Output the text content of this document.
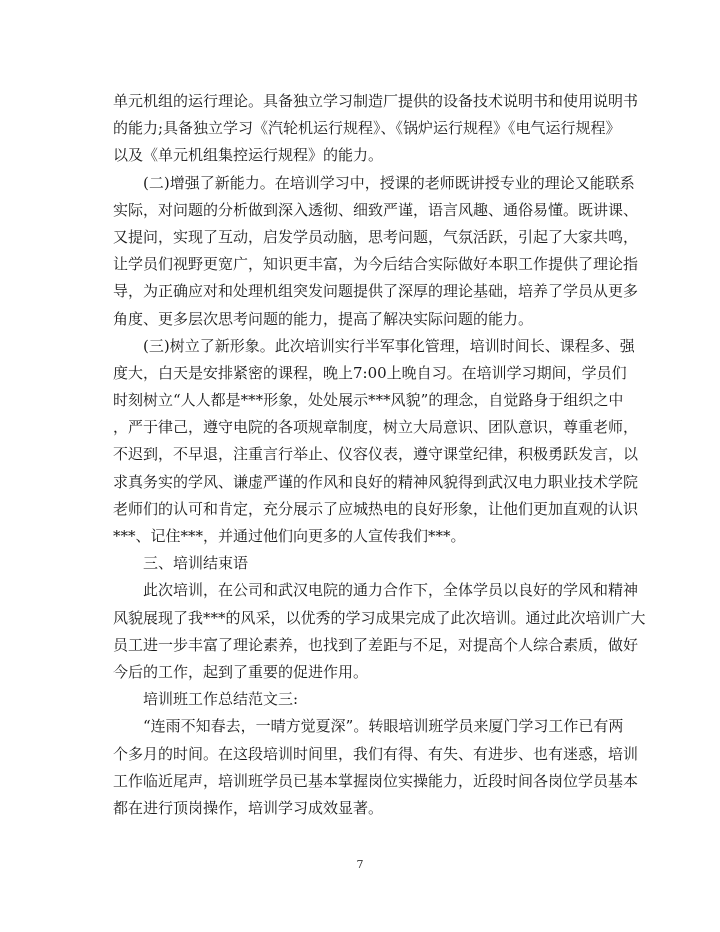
单元机组的运行理论。具备独立学习制造厂提供的设备技术说明书和使用说明书
的能力;具备独立学习《汽轮机运行规程》、《锅炉运行规程》《电气运行规程》
以及《单元机组集控运行规程》的能力。
(二)增强了新能力。在培训学习中，授课的老师既讲授专业的理论又能联系
实际，对问题的分析做到深入透彻、细致严谨，语言风趣、通俗易懂。既讲课、
又提问，实现了互动，启发学员动脑，思考问题，气氛活跃，引起了大家共鸣，
让学员们视野更宽广，知识更丰富，为今后结合实际做好本职工作提供了理论指
导，为正确应对和处理机组突发问题提供了深厚的理论基础，培养了学员从更多
角度、更多层次思考问题的能力，提高了解决实际问题的能力。
(三)树立了新形象。此次培训实行半军事化管理，培训时间长、课程多、强
度大，白天是安排紧密的课程，晚上7:00上晚自习。在培训学习期间，学员们
时刻树立“人人都是***形象，处处展示***风貌”的理念，自觉路身于组织之中
，严于律己，遵守电院的各项规章制度，树立大局意识、团队意识，尊重老师，
不迟到，不早退，注重言行举止、仪容仪表，遵守课堂纪律，积极勇跃发言，以
求真务实的学风、谦虚严谨的作风和良好的精神风貌得到武汉电力职业技术学院
老师们的认可和肯定，充分展示了应城热电的良好形象，让他们更加直观的认识
***、记住***，并通过他们向更多的人宣传我们***。
三、培训结束语
此次培训，在公司和武汉电院的通力合作下，全体学员以良好的学风和精神
风貌展现了我***的风采，以优秀的学习成果完成了此次培训。通过此次培训广大
员工进一步丰富了理论素养，也找到了差距与不足，对提高个人综合素质，做好
今后的工作，起到了重要的促进作用。
培训班工作总结范文三:
“连雨不知春去，一晴方觉夏深”。转眼培训班学员来厦门学习工作已有两
个多月的时间。在这段培训时间里，我们有得、有失、有进步、也有迷惑，培训
工作临近尾声，培训班学员已基本掌握岗位实操能力，近段时间各岗位学员基本
都在进行顶岗操作，培训学习成效显著。
7
